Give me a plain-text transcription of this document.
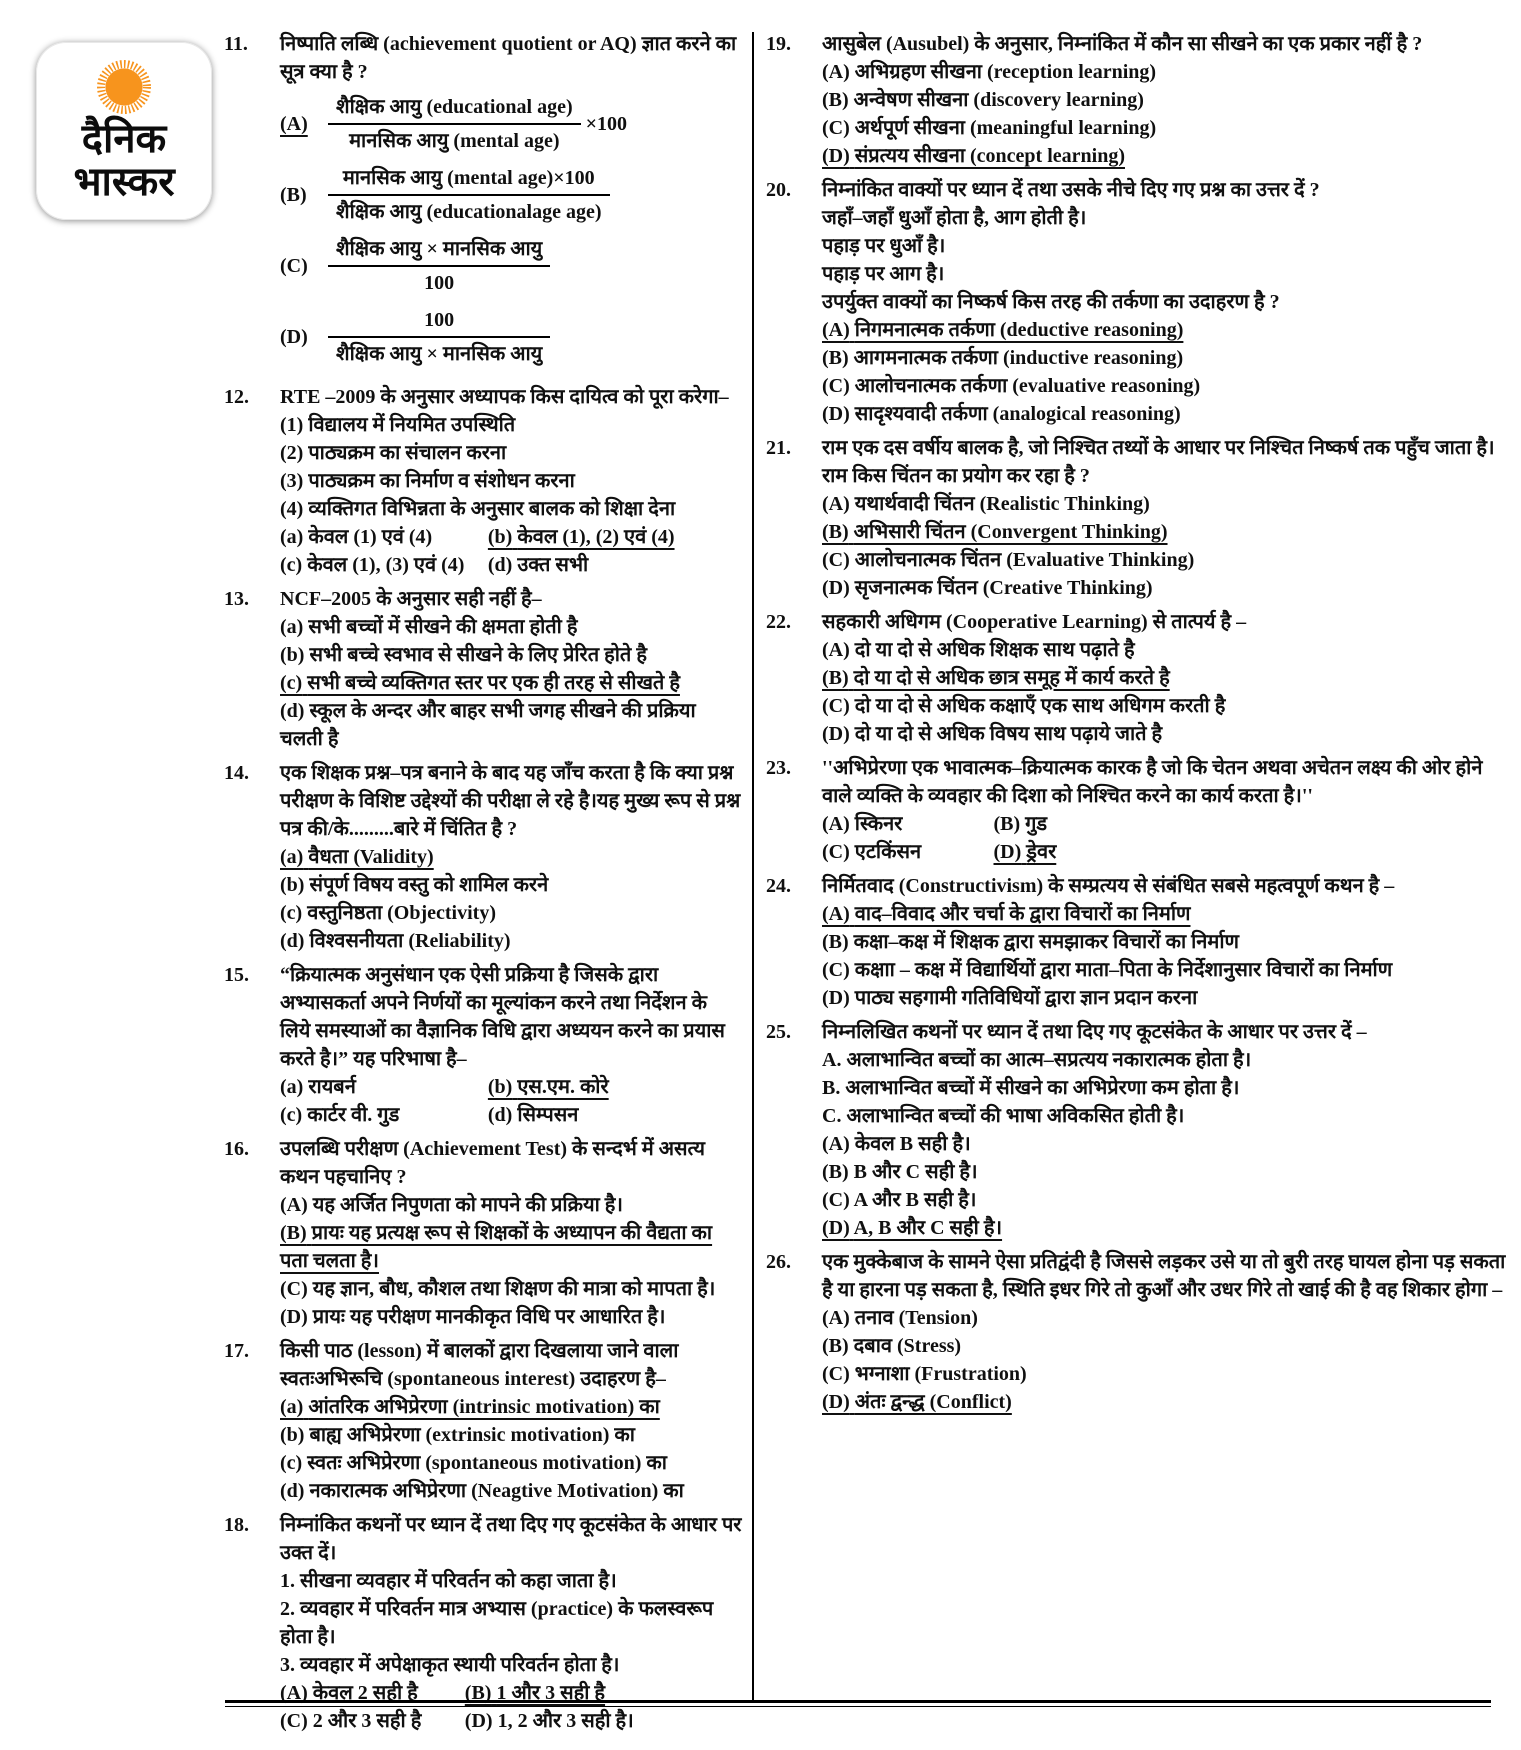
दैनिक
भास्कर
11.	निष्पाति लब्धि (achievement quotient or AQ) ज्ञात करने का सूत्र क्या है ?
(A)	$\frac{\text{शैक्षिक आयु (educational age)}}{\text{मानसिक आयु (mental age)}} \times 100$
(B)	$\frac{\text{मानसिक आयु (mental age)×100}}{\text{शैक्षिक आयु (educationalage age)}}$
(C)	$\frac{\text{शैक्षिक आयु × मानसिक आयु}}{100}$
(D)	$\frac{100}{\text{शैक्षिक आयु × मानसिक आयु}}$
12.	RTE –2009 के अनुसार अध्यापक किस दायित्व को पूरा करेगा–
(1) विद्यालय में नियमित उपस्थिति
(2) पाठ्यक्रम का संचालन करना
(3) पाठ्यक्रम का निर्माण व संशोधन करना
(4) व्यक्तिगत विभिन्नता के अनुसार बालक को शिक्षा देना
(a) केवल (1) एवं (4)	(b) केवल (1), (2) एवं (4)
(c) केवल (1), (3) एवं (4)	(d) उक्त सभी
13.	NCF–2005 के अनुसार सही नहीं है–
(a) सभी बच्चों में सीखने की क्षमता होती है
(b) सभी बच्चे स्वभाव से सीखने के लिए प्रेरित होते है
(c) सभी बच्चे व्यक्तिगत स्तर पर एक ही तरह से सीखते है
(d) स्कूल के अन्दर और बाहर सभी जगह सीखने की प्रक्रिया चलती है
14.	एक शिक्षक प्रश्न–पत्र बनाने के बाद यह जाँच करता है कि क्या प्रश्न परीक्षण के विशिष्ट उद्देश्यों की परीक्षा ले रहे है।यह मुख्य रूप से प्रश्न पत्र की/के.........बारे में चिंतित है ?
(a) वैधता (Validity)
(b) संपूर्ण विषय वस्तु को शामिल करने
(c) वस्तुनिष्ठता (Objectivity)
(d) विश्वसनीयता (Reliability)
15.	“क्रियात्मक अनुसंधान एक ऐसी प्रक्रिया है जिसके द्वारा अभ्यासकर्ता अपने निर्णयों का मूल्यांकन करने तथा निर्देशन के लिये समस्याओं का वैज्ञानिक विधि द्वारा अध्ययन करने का प्रयास करते है।” यह परिभाषा है–
(a) रायबर्न	(b) एस.एम. कोरे
(c) कार्टर वी. गुड	(d) सिम्पसन
16.	उपलब्धि परीक्षण (Achievement Test) के सन्दर्भ में असत्य कथन पहचानिए ?
(A) यह अर्जित निपुणता को मापने की प्रक्रिया है।
(B) प्रायः यह प्रत्यक्ष रूप से शिक्षकों के अध्यापन की वैद्यता का पता चलता है।
(C) यह ज्ञान, बौध, कौशल तथा शिक्षण की मात्रा को मापता है।
(D) प्रायः यह परीक्षण मानकीकृत विधि पर आधारित है।
17.	किसी पाठ (lesson) में बालकों द्वारा दिखलाया जाने वाला स्वतःअभिरूचि (spontaneous interest) उदाहरण है–
(a) आंतरिक अभिप्रेरणा (intrinsic motivation) का
(b) बाह्य अभिप्रेरणा (extrinsic motivation) का
(c) स्वतः अभिप्रेरणा (spontaneous motivation) का
(d) नकारात्मक अभिप्रेरणा (Neagtive Motivation) का
18.	निम्नांकित कथनों पर ध्यान दें तथा दिए गए कूटसंकेत के आधार पर उक्त दें।
1. सीखना व्यवहार में परिवर्तन को कहा जाता है।
2. व्यवहार में परिवर्तन मात्र अभ्यास (practice) के फलस्वरूप होता है।
3. व्यवहार में अपेक्षाकृत स्थायी परिवर्तन होता है।
(A) केवल 2 सही है	(B) 1 और 3 सही है
(C) 2 और 3 सही है	(D) 1, 2 और 3 सही है।
19.	आसुबेल (Ausubel) के अनुसार, निम्नांकित में कौन सा सीखने का एक प्रकार नहीं है ?
(A) अभिग्रहण सीखना (reception learning)
(B) अन्वेषण सीखना (discovery learning)
(C) अर्थपूर्ण सीखना (meaningful learning)
(D) संप्रत्यय सीखना (concept learning)
20.	निम्नांकित वाक्यों पर ध्यान दें तथा उसके नीचे दिए गए प्रश्न का उत्तर दें ?
जहाँ–जहाँ धुआँ होता है, आग होती है।
पहाड़ पर धुआँ है।
पहाड़ पर आग है।
उपर्युक्त वाक्यों का निष्कर्ष किस तरह की तर्कणा का उदाहरण है ?
(A) निगमनात्मक तर्कणा (deductive reasoning)
(B) आगमनात्मक तर्कणा (inductive reasoning)
(C) आलोचनात्मक तर्कणा (evaluative reasoning)
(D) सादृश्यवादी तर्कणा (analogical reasoning)
21.	राम एक दस वर्षीय बालक है, जो निश्चित तथ्यों के आधार पर निश्चित निष्कर्ष तक पहुँच जाता है। राम किस चिंतन का प्रयोग कर रहा है ?
(A) यथार्थवादी चिंतन (Realistic Thinking)
(B) अभिसारी चिंतन (Convergent Thinking)
(C) आलोचनात्मक चिंतन (Evaluative Thinking)
(D) सृजनात्मक चिंतन (Creative Thinking)
22.	सहकारी अधिगम (Cooperative Learning) से तात्पर्य है –
(A) दो या दो से अधिक शिक्षक साथ पढ़ाते है
(B) दो या दो से अधिक छात्र समूह में कार्य करते है
(C) दो या दो से अधिक कक्षाएँ एक साथ अधिगम करती है
(D) दो या दो से अधिक विषय साथ पढ़ाये जाते है
23.	''अभिप्रेरणा एक भावात्मक–क्रियात्मक कारक है जो कि चेतन अथवा अचेतन लक्ष्य की ओर होने वाले व्यक्ति के व्यवहार की दिशा को निश्चित करने का कार्य करता है।''
(A) स्किनर	(B) गुड
(C) एटकिंसन	(D) ड्रेवर
24.	निर्मितवाद (Constructivism) के सम्प्रत्यय से संबंधित सबसे महत्वपूर्ण कथन है –
(A) वाद–विवाद और चर्चा के द्वारा विचारों का निर्माण
(B) कक्षा–कक्ष में शिक्षक द्वारा समझाकर विचारों का निर्माण
(C) कक्षाा – कक्ष में विद्यार्थियों द्वारा माता–पिता के निर्देशानुसार विचारों का निर्माण
(D) पाठ्य सहगामी गतिविधियों द्वारा ज्ञान प्रदान करना
25.	निम्नलिखित कथनों पर ध्यान दें तथा दिए गए कूटसंकेत के आधार पर उत्तर दें –
A. अलाभान्वित बच्चों का आत्म–सप्रत्यय नकारात्मक होता है।
B. अलाभान्वित बच्चों में सीखने का अभिप्रेरणा कम होता है।
C. अलाभान्वित बच्चों की भाषा अविकसित होती है।
(A) केवल B सही है।
(B) B और C सही है।
(C) A और B सही है।
(D) A, B और C सही है।
26.	एक मुक्केबाज के सामने ऐसा प्रतिद्वंदी है जिससे लड़कर उसे या तो बुरी तरह घायल होना पड़ सकता है या हारना पड़ सकता है, स्थिति इधर गिरे तो कुआँ और उधर गिरे तो खाई की है वह शिकार होगा –
(A) तनाव (Tension)
(B) दबाव (Stress)
(C) भग्नाशा (Frustration)
(D) अंतः द्वन्द्ध (Conflict)
